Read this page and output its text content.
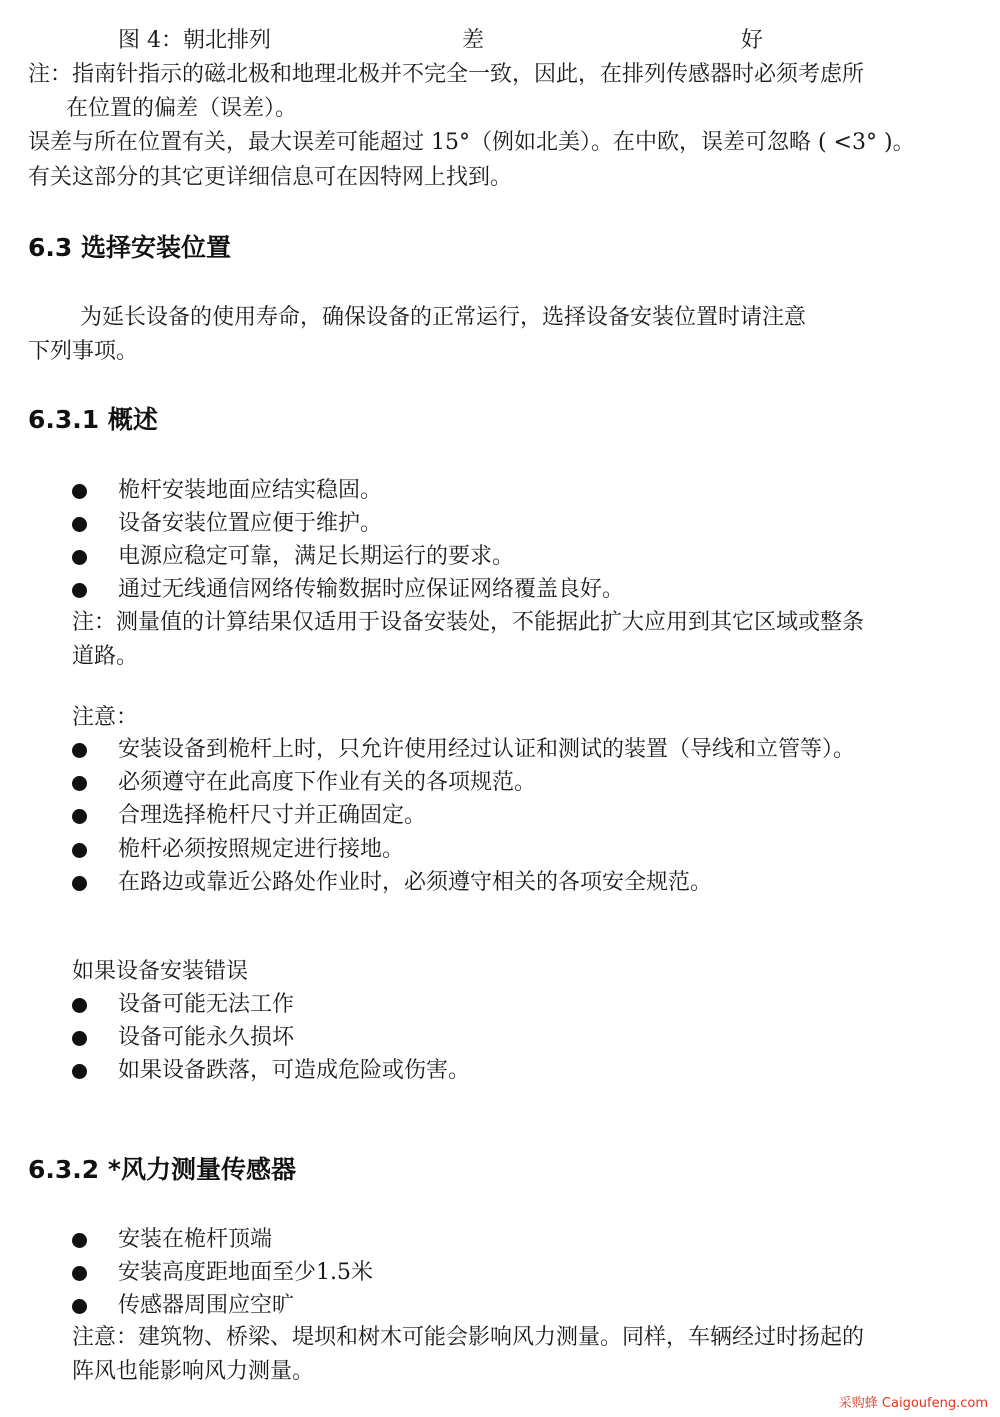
图 4：朝北排列	差	好
注：指南针指示的磁北极和地理北极并不完全一致，因此，在排列传感器时必须考虑所
在位置的偏差（误差）。
误差与所在位置有关，最大误差可能超过 15°（例如北美）。在中欧，误差可忽略 ( <3° )。
有关这部分的其它更详细信息可在因特网上找到。
6.3 选择安装位置
为延长设备的使用寿命，确保设备的正常运行，选择设备安装位置时请注意
下列事项。
6.3.1 概述
桅杆安装地面应结实稳固。
设备安装位置应便于维护。
电源应稳定可靠，满足长期运行的要求。
通过无线通信网络传输数据时应保证网络覆盖良好。
注：测量值的计算结果仅适用于设备安装处，不能据此扩大应用到其它区域或整条
道路。
注意：
安装设备到桅杆上时，只允许使用经过认证和测试的装置（导线和立管等）。
必须遵守在此高度下作业有关的各项规范。
合理选择桅杆尺寸并正确固定。
桅杆必须按照规定进行接地。
在路边或靠近公路处作业时，必须遵守相关的各项安全规范。
如果设备安装错误
设备可能无法工作
设备可能永久损坏
如果设备跌落，可造成危险或伤害。
6.3.2 *风力测量传感器
安装在桅杆顶端
安装高度距地面至少1.5米
传感器周围应空旷
注意：建筑物、桥梁、堤坝和树木可能会影响风力测量。同样，车辆经过时扬起的
阵风也能影响风力测量。
采购蜂 Caigoufeng.com
